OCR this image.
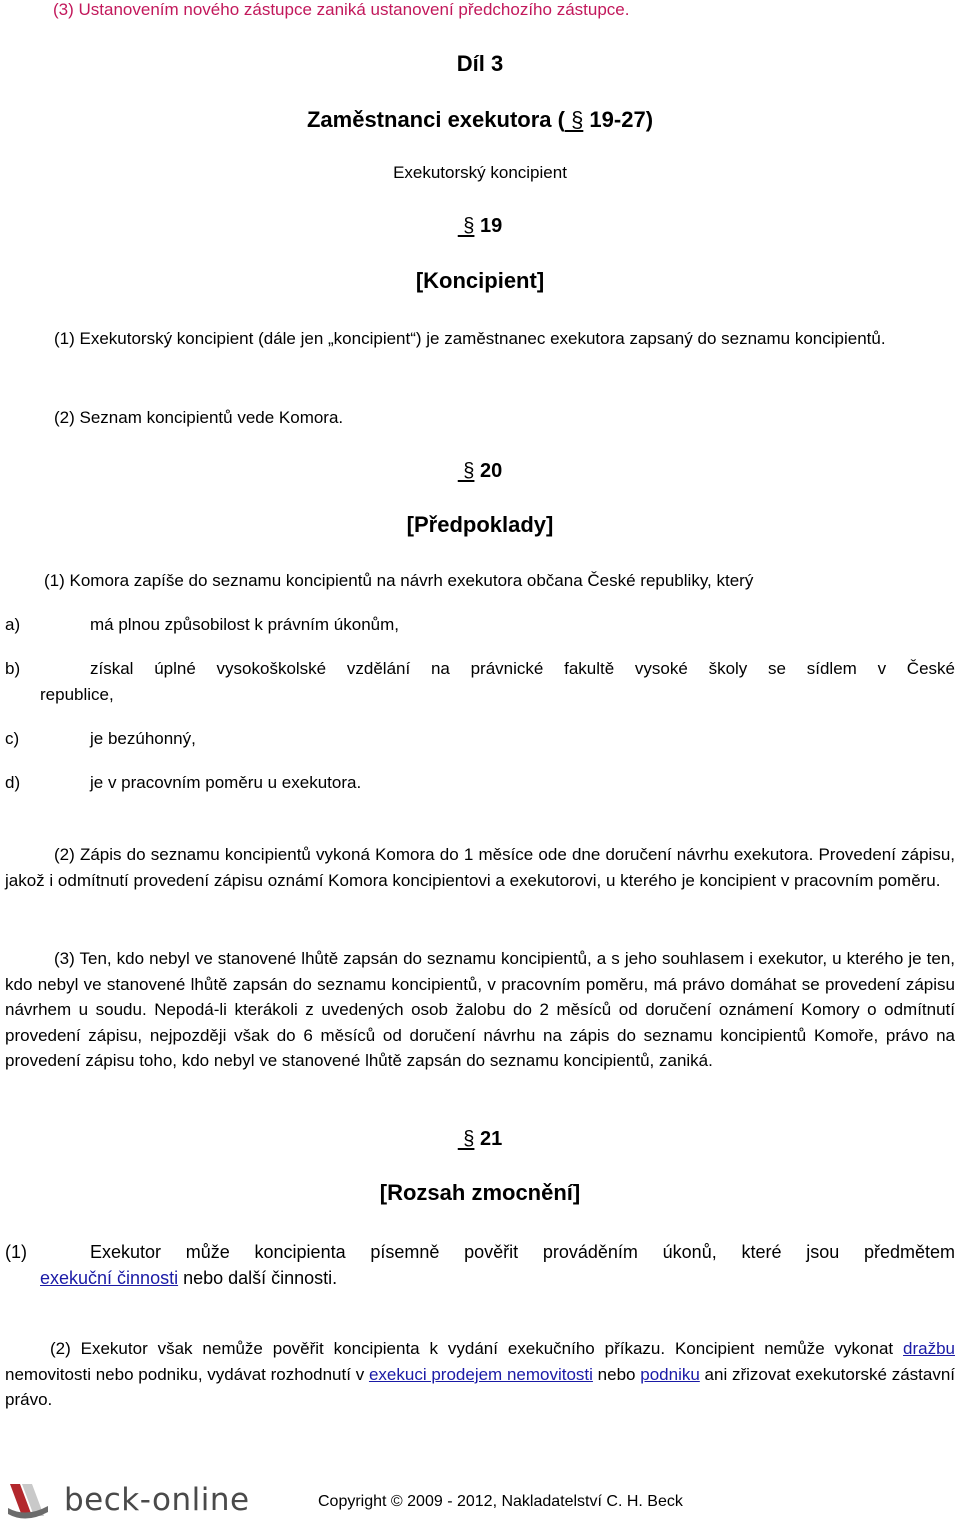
(3) Ustanovením nového zástupce zaniká ustanovení předchozího zástupce.
Díl 3
Zaměstnanci exekutora ( § 19-27)
Exekutorský koncipient
§ 19
[Koncipient]
(1) Exekutorský koncipient (dále jen „koncipient“) je zaměstnanec exekutora zapsaný do seznamu koncipientů.
(2) Seznam koncipientů vede Komora.
§ 20
[Předpoklady]
(1) Komora zapíše do seznamu koncipientů na návrh exekutora občana České republiky, který
a)	má plnou způsobilost k právním úkonům,
b)	získal úplné vysokoškolské vzdělání na právnické fakultě vysoké školy se sídlem v České
republice,
c)	je bezúhonný,
d)	je v pracovním poměru u exekutora.
(2) Zápis do seznamu koncipientů vykoná Komora do 1 měsíce ode dne doručení návrhu exekutora. Provedení zápisu, jakož i odmítnutí provedení zápisu oznámí Komora koncipientovi a exekutorovi, u kterého je koncipient v pracovním poměru.
(3) Ten, kdo nebyl ve stanovené lhůtě zapsán do seznamu koncipientů, a s jeho souhlasem i exekutor, u kterého je ten, kdo nebyl ve stanovené lhůtě zapsán do seznamu koncipientů, v pracovním poměru, má právo domáhat se provedení zápisu návrhem u soudu. Nepodá-li kterákoli z uvedených osob žalobu do 2 měsíců od doručení oznámení Komory o odmítnutí provedení zápisu, nejpozději však do 6 měsíců od doručení návrhu na zápis do seznamu koncipientů Komoře, právo na provedení zápisu toho, kdo nebyl ve stanovené lhůtě zapsán do seznamu koncipientů, zaniká.
§ 21
[Rozsah zmocnění]
(1)	Exekutor může koncipienta písemně pověřit prováděním úkonů, které jsou předmětem
exekuční činnosti nebo další činnosti.
(2) Exekutor však nemůže pověřit koncipienta k vydání exekučního příkazu. Koncipient nemůže vykonat dražbu nemovitosti nebo podniku, vydávat rozhodnutí v exekuci prodejem nemovitosti nebo podniku ani zřizovat exekutorské zástavní právo.
beck-online	Copyright © 2009 - 2012, Nakladatelství C. H. Beck
